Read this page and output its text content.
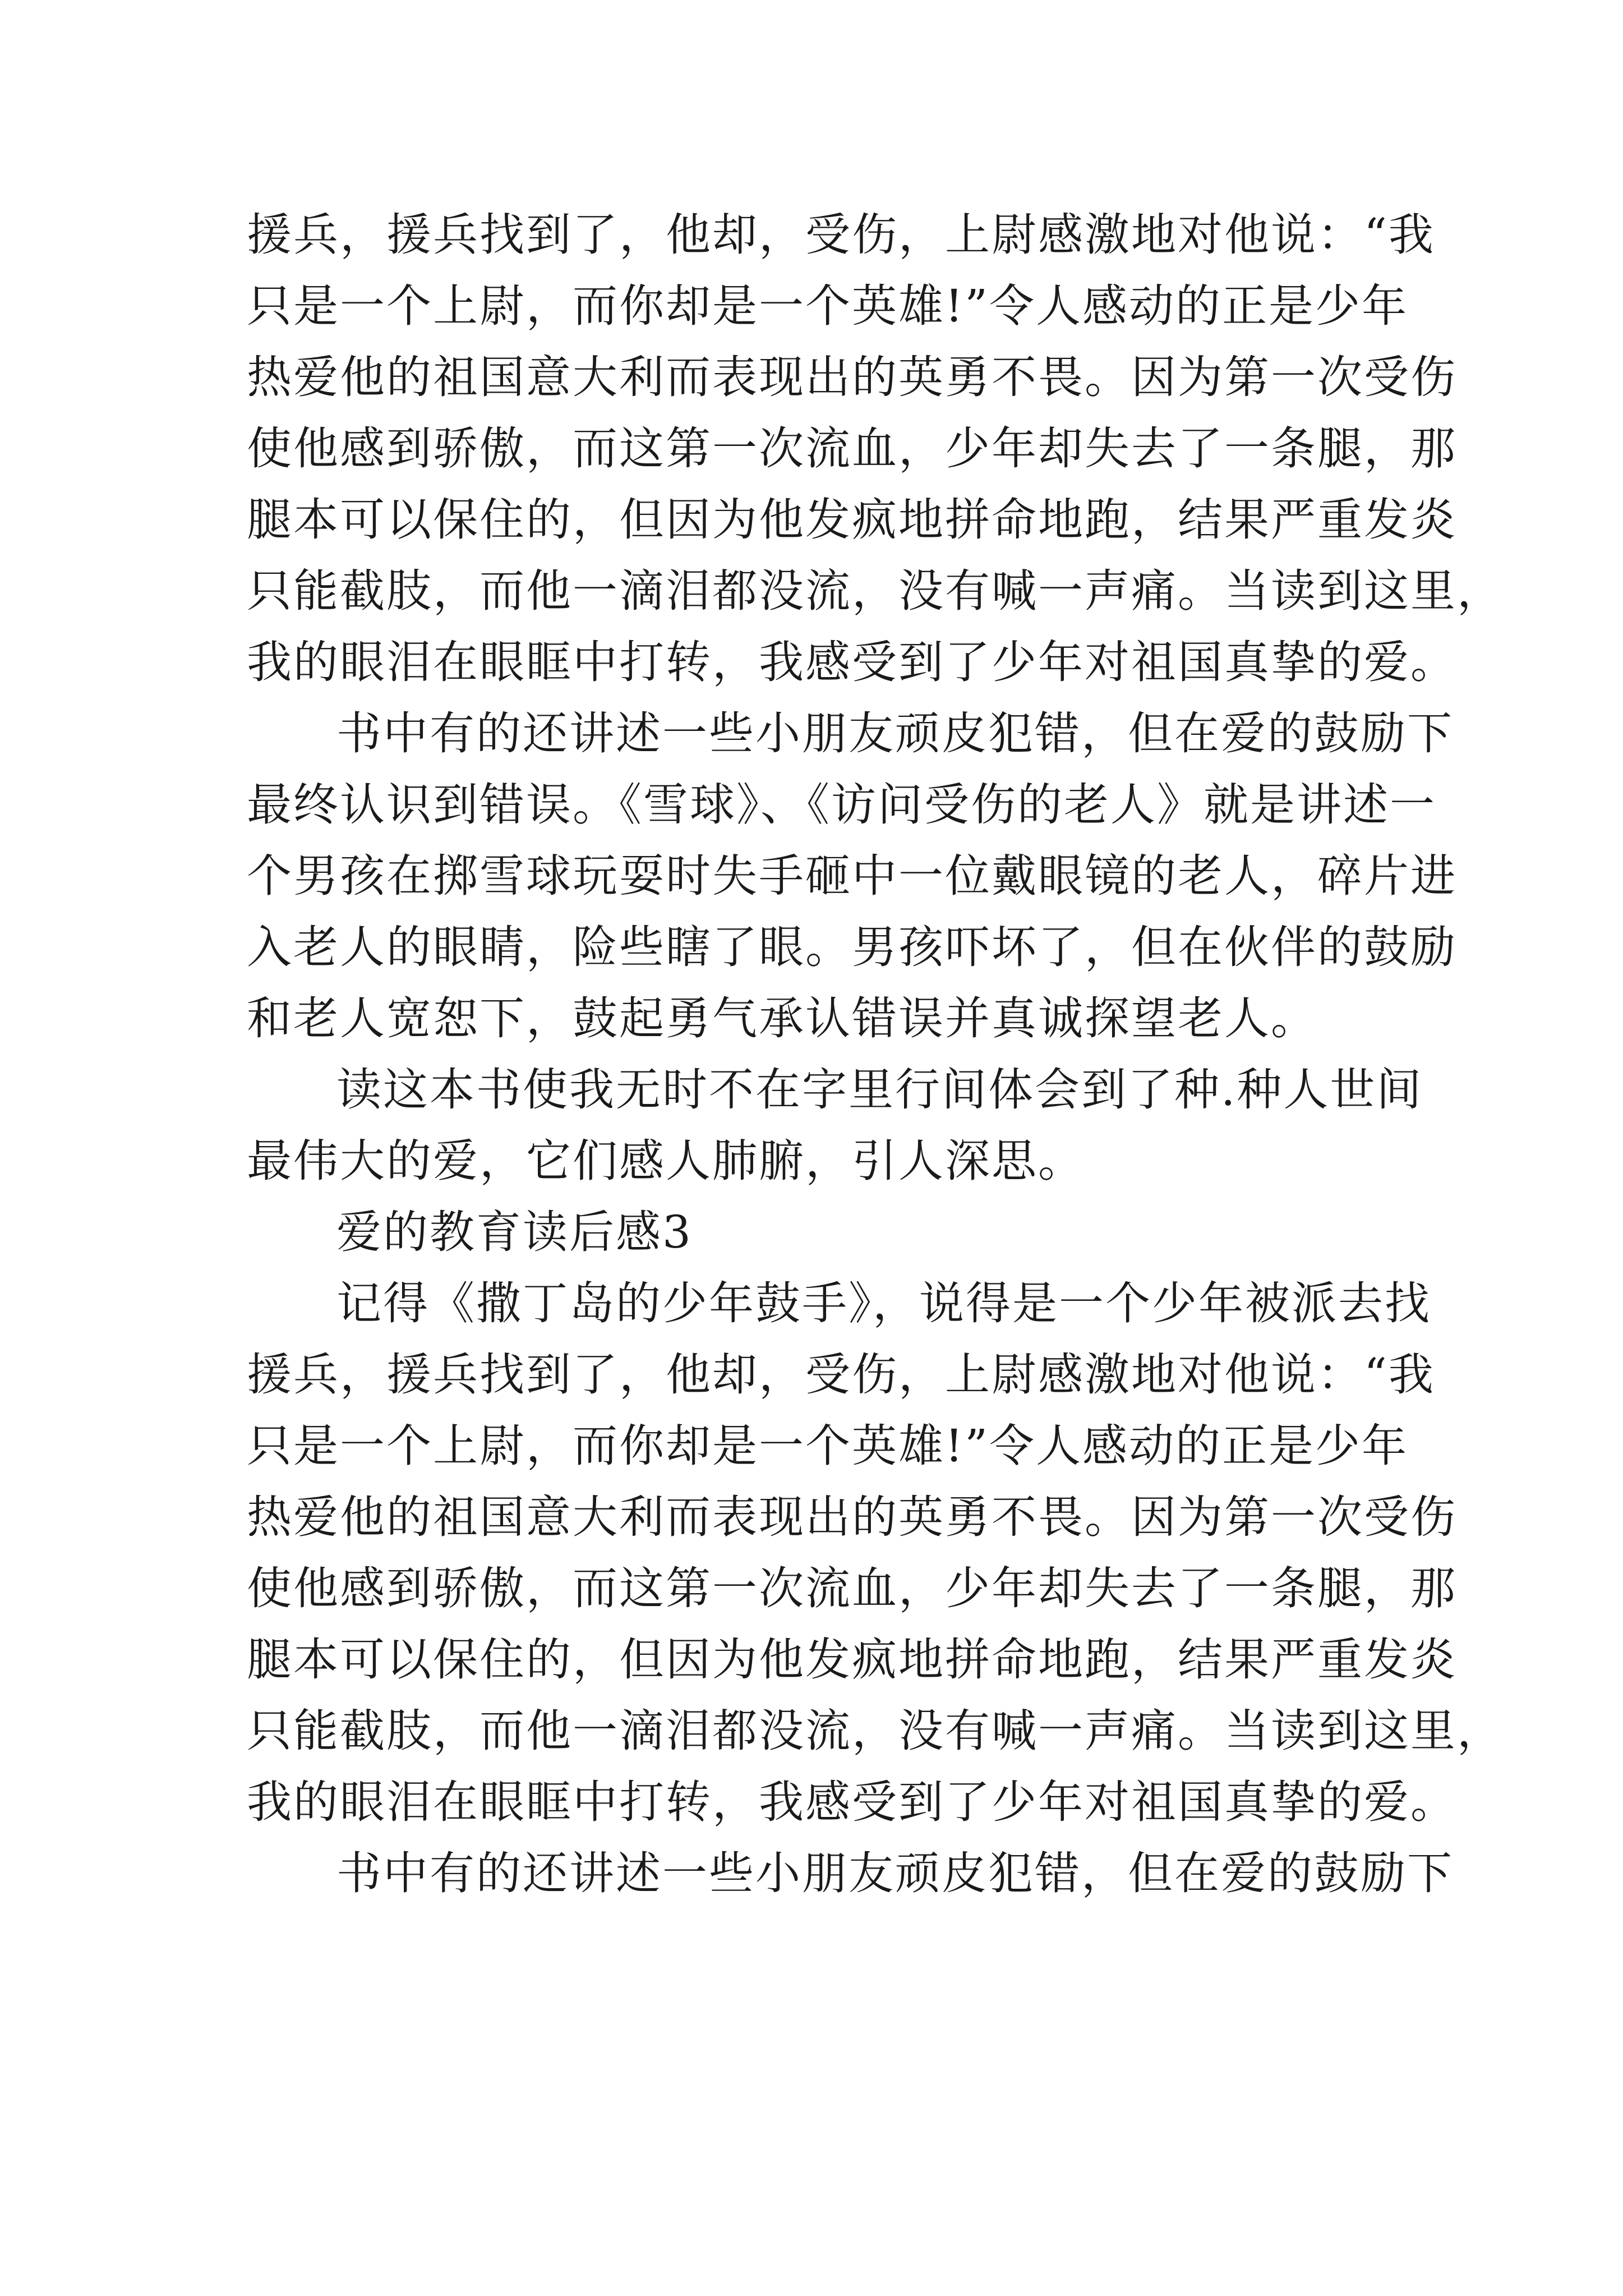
援兵，援兵找到了，他却，受伤，上尉感激地对他说：“我
只是一个上尉，而你却是一个英雄!”令人感动的正是少年
热爱他的祖国意大利而表现出的英勇不畏。因为第一次受伤
使他感到骄傲，而这第一次流血，少年却失去了一条腿，那
腿本可以保住的，但因为他发疯地拼命地跑，结果严重发炎
只能截肢，而他一滴泪都没流，没有喊一声痛。当读到这里，
我的眼泪在眼眶中打转，我感受到了少年对祖国真挚的爱。
书中有的还讲述一些小朋友顽皮犯错，但在爱的鼓励下
最终认识到错误。《雪球》、《访问受伤的老人》就是讲述一
个男孩在掷雪球玩耍时失手砸中一位戴眼镜的老人，碎片进
入老人的眼睛，险些瞎了眼。男孩吓坏了，但在伙伴的鼓励
和老人宽恕下，鼓起勇气承认错误并真诚探望老人。
读这本书使我无时不在字里行间体会到了种.种人世间
最伟大的爱，它们感人肺腑，引人深思。
爱的教育读后感3
记得《撒丁岛的少年鼓手》，说得是一个少年被派去找
援兵，援兵找到了，他却，受伤，上尉感激地对他说：“我
只是一个上尉，而你却是一个英雄!”令人感动的正是少年
热爱他的祖国意大利而表现出的英勇不畏。因为第一次受伤
使他感到骄傲，而这第一次流血，少年却失去了一条腿，那
腿本可以保住的，但因为他发疯地拼命地跑，结果严重发炎
只能截肢，而他一滴泪都没流，没有喊一声痛。当读到这里，
我的眼泪在眼眶中打转，我感受到了少年对祖国真挚的爱。
书中有的还讲述一些小朋友顽皮犯错，但在爱的鼓励下
